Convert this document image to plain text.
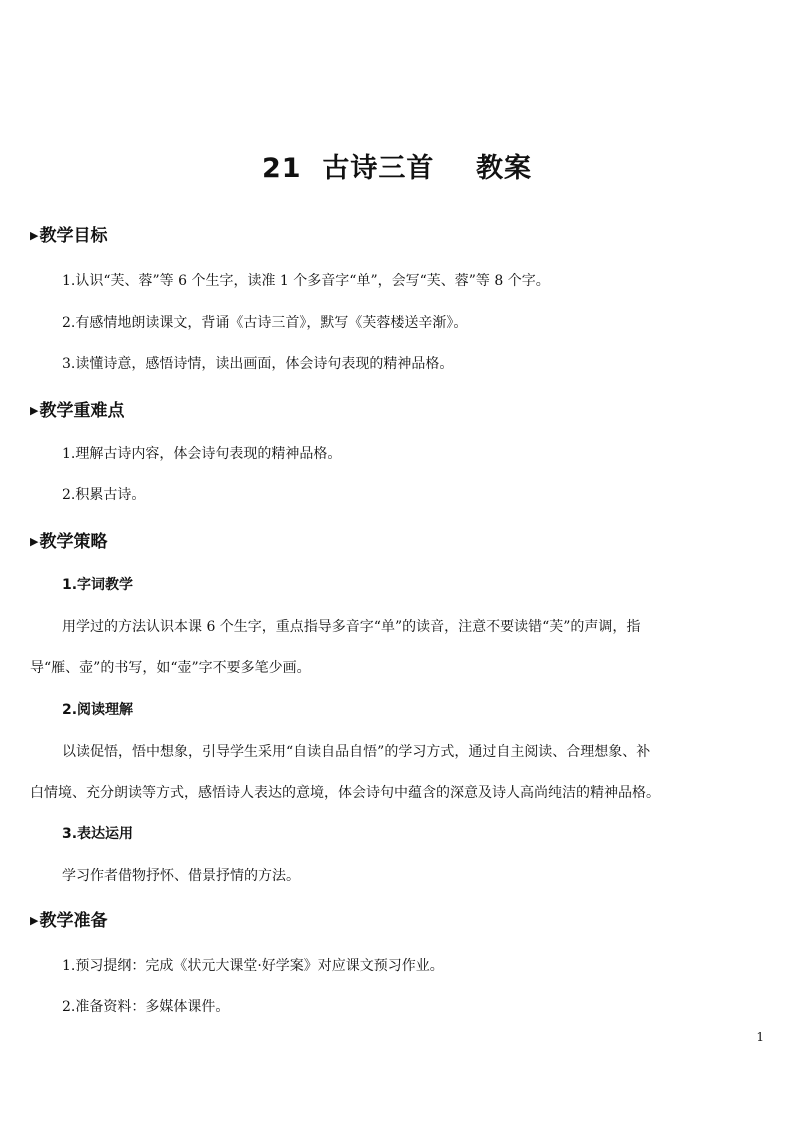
21  古诗三首    教案
▶教学目标

1.认识“芙、蓉”等 6 个生字，读准 1 个多音字“单”，会写“芙、蓉”等 8 个字。

2.有感情地朗读课文，背诵《古诗三首》，默写《芙蓉楼送辛渐》。

3.读懂诗意，感悟诗情，读出画面，体会诗句表现的精神品格。

▶教学重难点

1.理解古诗内容，体会诗句表现的精神品格。

2.积累古诗。

▶教学策略

1.字词教学

用学过的方法认识本课 6 个生字，重点指导多音字“单”的读音，注意不要读错“芙”的声调，指

导“雁、壶”的书写，如“壶”字不要多笔少画。

2.阅读理解

以读促悟，悟中想象，引导学生采用“自读自品自悟”的学习方式，通过自主阅读、合理想象、补

白情境、充分朗读等方式，感悟诗人表达的意境，体会诗句中蕴含的深意及诗人高尚纯洁的精神品格。

3.表达运用

学习作者借物抒怀、借景抒情的方法。

▶教学准备

1.预习提纲：完成《状元大课堂·好学案》对应课文预习作业。

2.准备资料：多媒体课件。

1
